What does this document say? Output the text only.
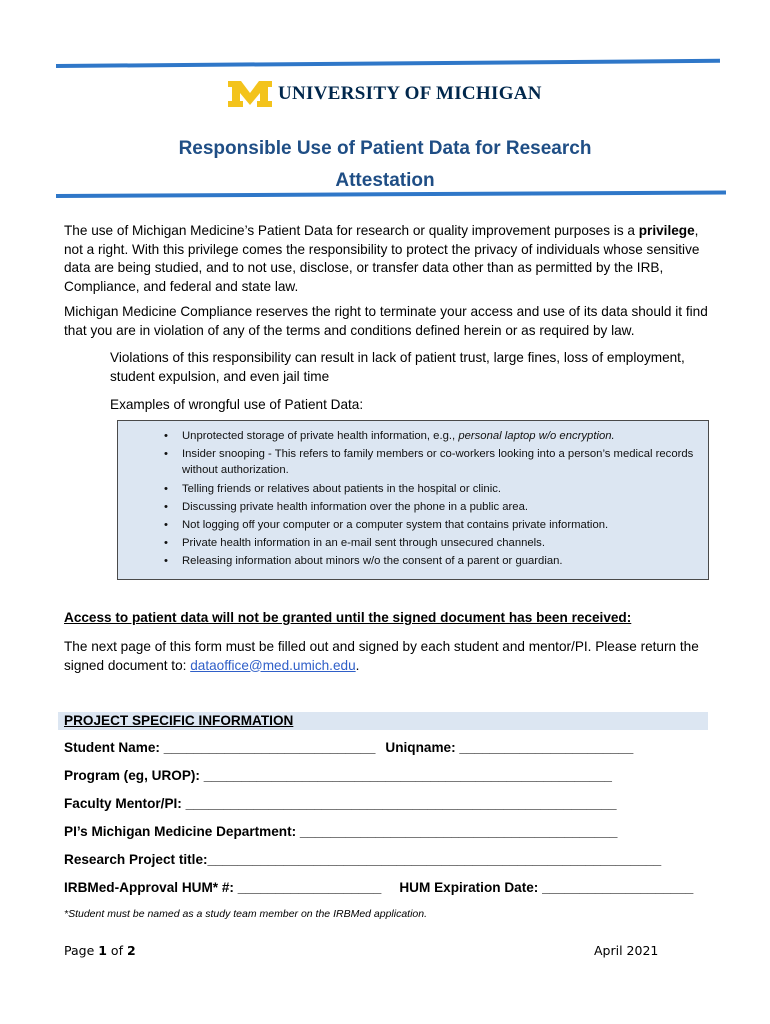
UNIVERSITY OF MICHIGAN
Responsible Use of Patient Data for Research
Attestation
The use of Michigan Medicine’s Patient Data for research or quality improvement purposes is a privilege, not a right. With this privilege comes the responsibility to protect the privacy of individuals whose sensitive data are being studied, and to not use, disclose, or transfer data other than as permitted by the IRB, Compliance, and federal and state law.
Michigan Medicine Compliance reserves the right to terminate your access and use of its data should it find that you are in violation of any of the terms and conditions defined herein or as required by law.
Violations of this responsibility can result in lack of patient trust, large fines, loss of employment, student expulsion, and even jail time
Examples of wrongful use of Patient Data:
• Unprotected storage of private health information, e.g., personal laptop w/o encryption.
• Insider snooping - This refers to family members or co-workers looking into a person’s medical records without authorization.
• Telling friends or relatives about patients in the hospital or clinic.
• Discussing private health information over the phone in a public area.
• Not logging off your computer or a computer system that contains private information.
• Private health information in an e-mail sent through unsecured channels.
• Releasing information about minors w/o the consent of a parent or guardian.
Access to patient data will not be granted until the signed document has been received:
The next page of this form must be filled out and signed by each student and mentor/PI. Please return the signed document to: dataoffice@med.umich.edu.
PROJECT SPECIFIC INFORMATION
Student Name: ____________________________ Uniqname: _______________________
Program (eg, UROP): ______________________________________________________
Faculty Mentor/PI: _________________________________________________________
PI’s Michigan Medicine Department: __________________________________________
Research Project title:____________________________________________________________
IRBMed-Approval HUM* #: ___________________ HUM Expiration Date: ____________________
*Student must be named as a study team member on the IRBMed application.
Page 1 of 2	April 2021
